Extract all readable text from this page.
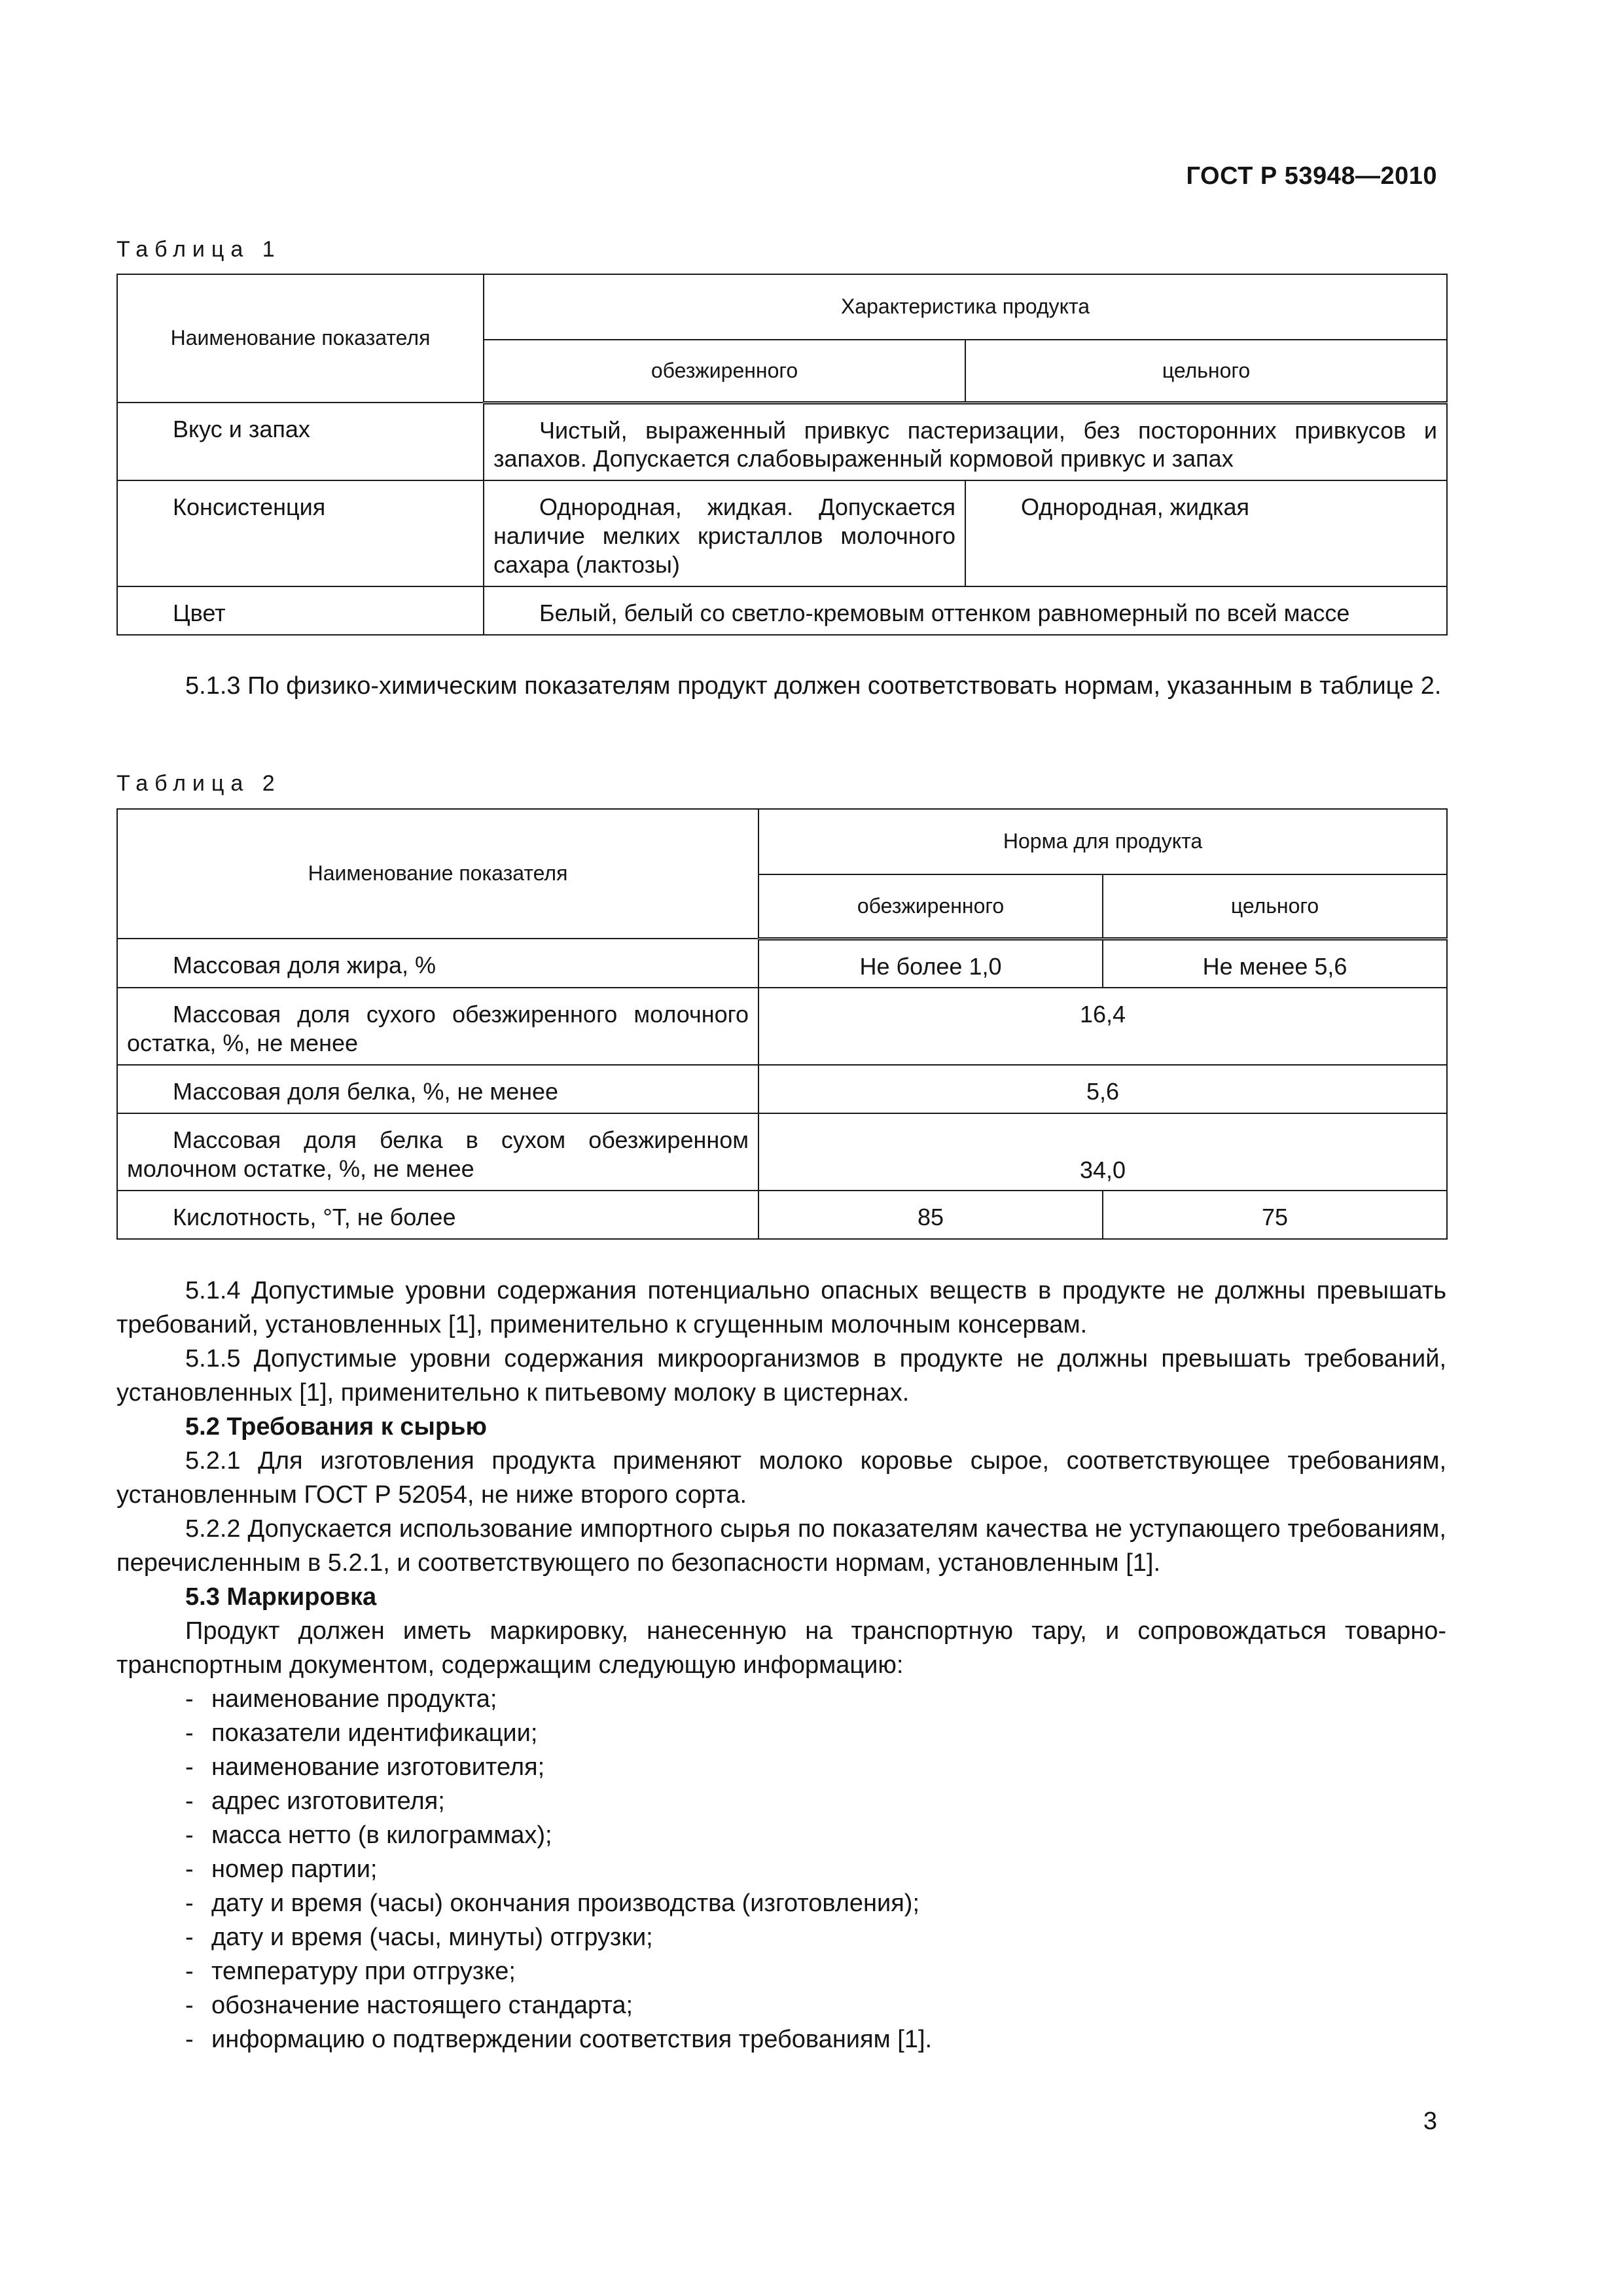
ГОСТ Р 53948—2010
Таблица 1
Наименование показателя	Характеристика продукта	
	обезжиренного	цельного
Вкус и запах	Чистый, выраженный привкус пастеризации, без посторонних привкусов и запахов. Допускается слабовыраженный кормовой привкус и запах	
Консистенция	Однородная, жидкая. Допускается наличие мелких кристаллов молочного сахара (лактозы)	Однородная, жидкая
Цвет	Белый, белый со светло-кремовым оттенком равномерный по всей массе	

5.1.3 По физико-химическим показателям продукт должен соответствовать нормам, указанным в таблице 2.

Таблица 2
Наименование показателя	Норма для продукта	
	обезжиренного	цельного
Массовая доля жира, %	Не более 1,0	Не менее 5,6
Массовая доля сухого обезжиренного молочного остатка, %, не менее	16,4	
Массовая доля белка, %, не менее	5,6	
Массовая доля белка в сухом обезжиренном молочном остатке, %, не менее	34,0	
Кислотность, °Т, не более	85	75

5.1.4 Допустимые уровни содержания потенциально опасных веществ в продукте не должны превышать требований, установленных [1], применительно к сгущенным молочным консервам.

5.1.5 Допустимые уровни содержания микроорганизмов в продукте не должны превышать требований, установленных [1], применительно к питьевому молоку в цистернах.

5.2 Требования к сырью

5.2.1 Для изготовления продукта применяют молоко коровье сырое, соответствующее требованиям, установленным ГОСТ Р 52054, не ниже второго сорта.

5.2.2 Допускается использование импортного сырья по показателям качества не уступающего требованиям, перечисленным в 5.2.1, и соответствующего по безопасности нормам, установленным [1].

5.3 Маркировка

Продукт должен иметь маркировку, нанесенную на транспортную тару, и сопровождаться товарно-транспортным документом, содержащим следующую информацию:

- наименование продукта;
- показатели идентификации;
- наименование изготовителя;
- адрес изготовителя;
- масса нетто (в килограммах);
- номер партии;
- дату и время (часы) окончания производства (изготовления);
- дату и время (часы, минуты) отгрузки;
- температуру при отгрузке;
- обозначение настоящего стандарта;
- информацию о подтверждении соответствия требованиям [1].
3
